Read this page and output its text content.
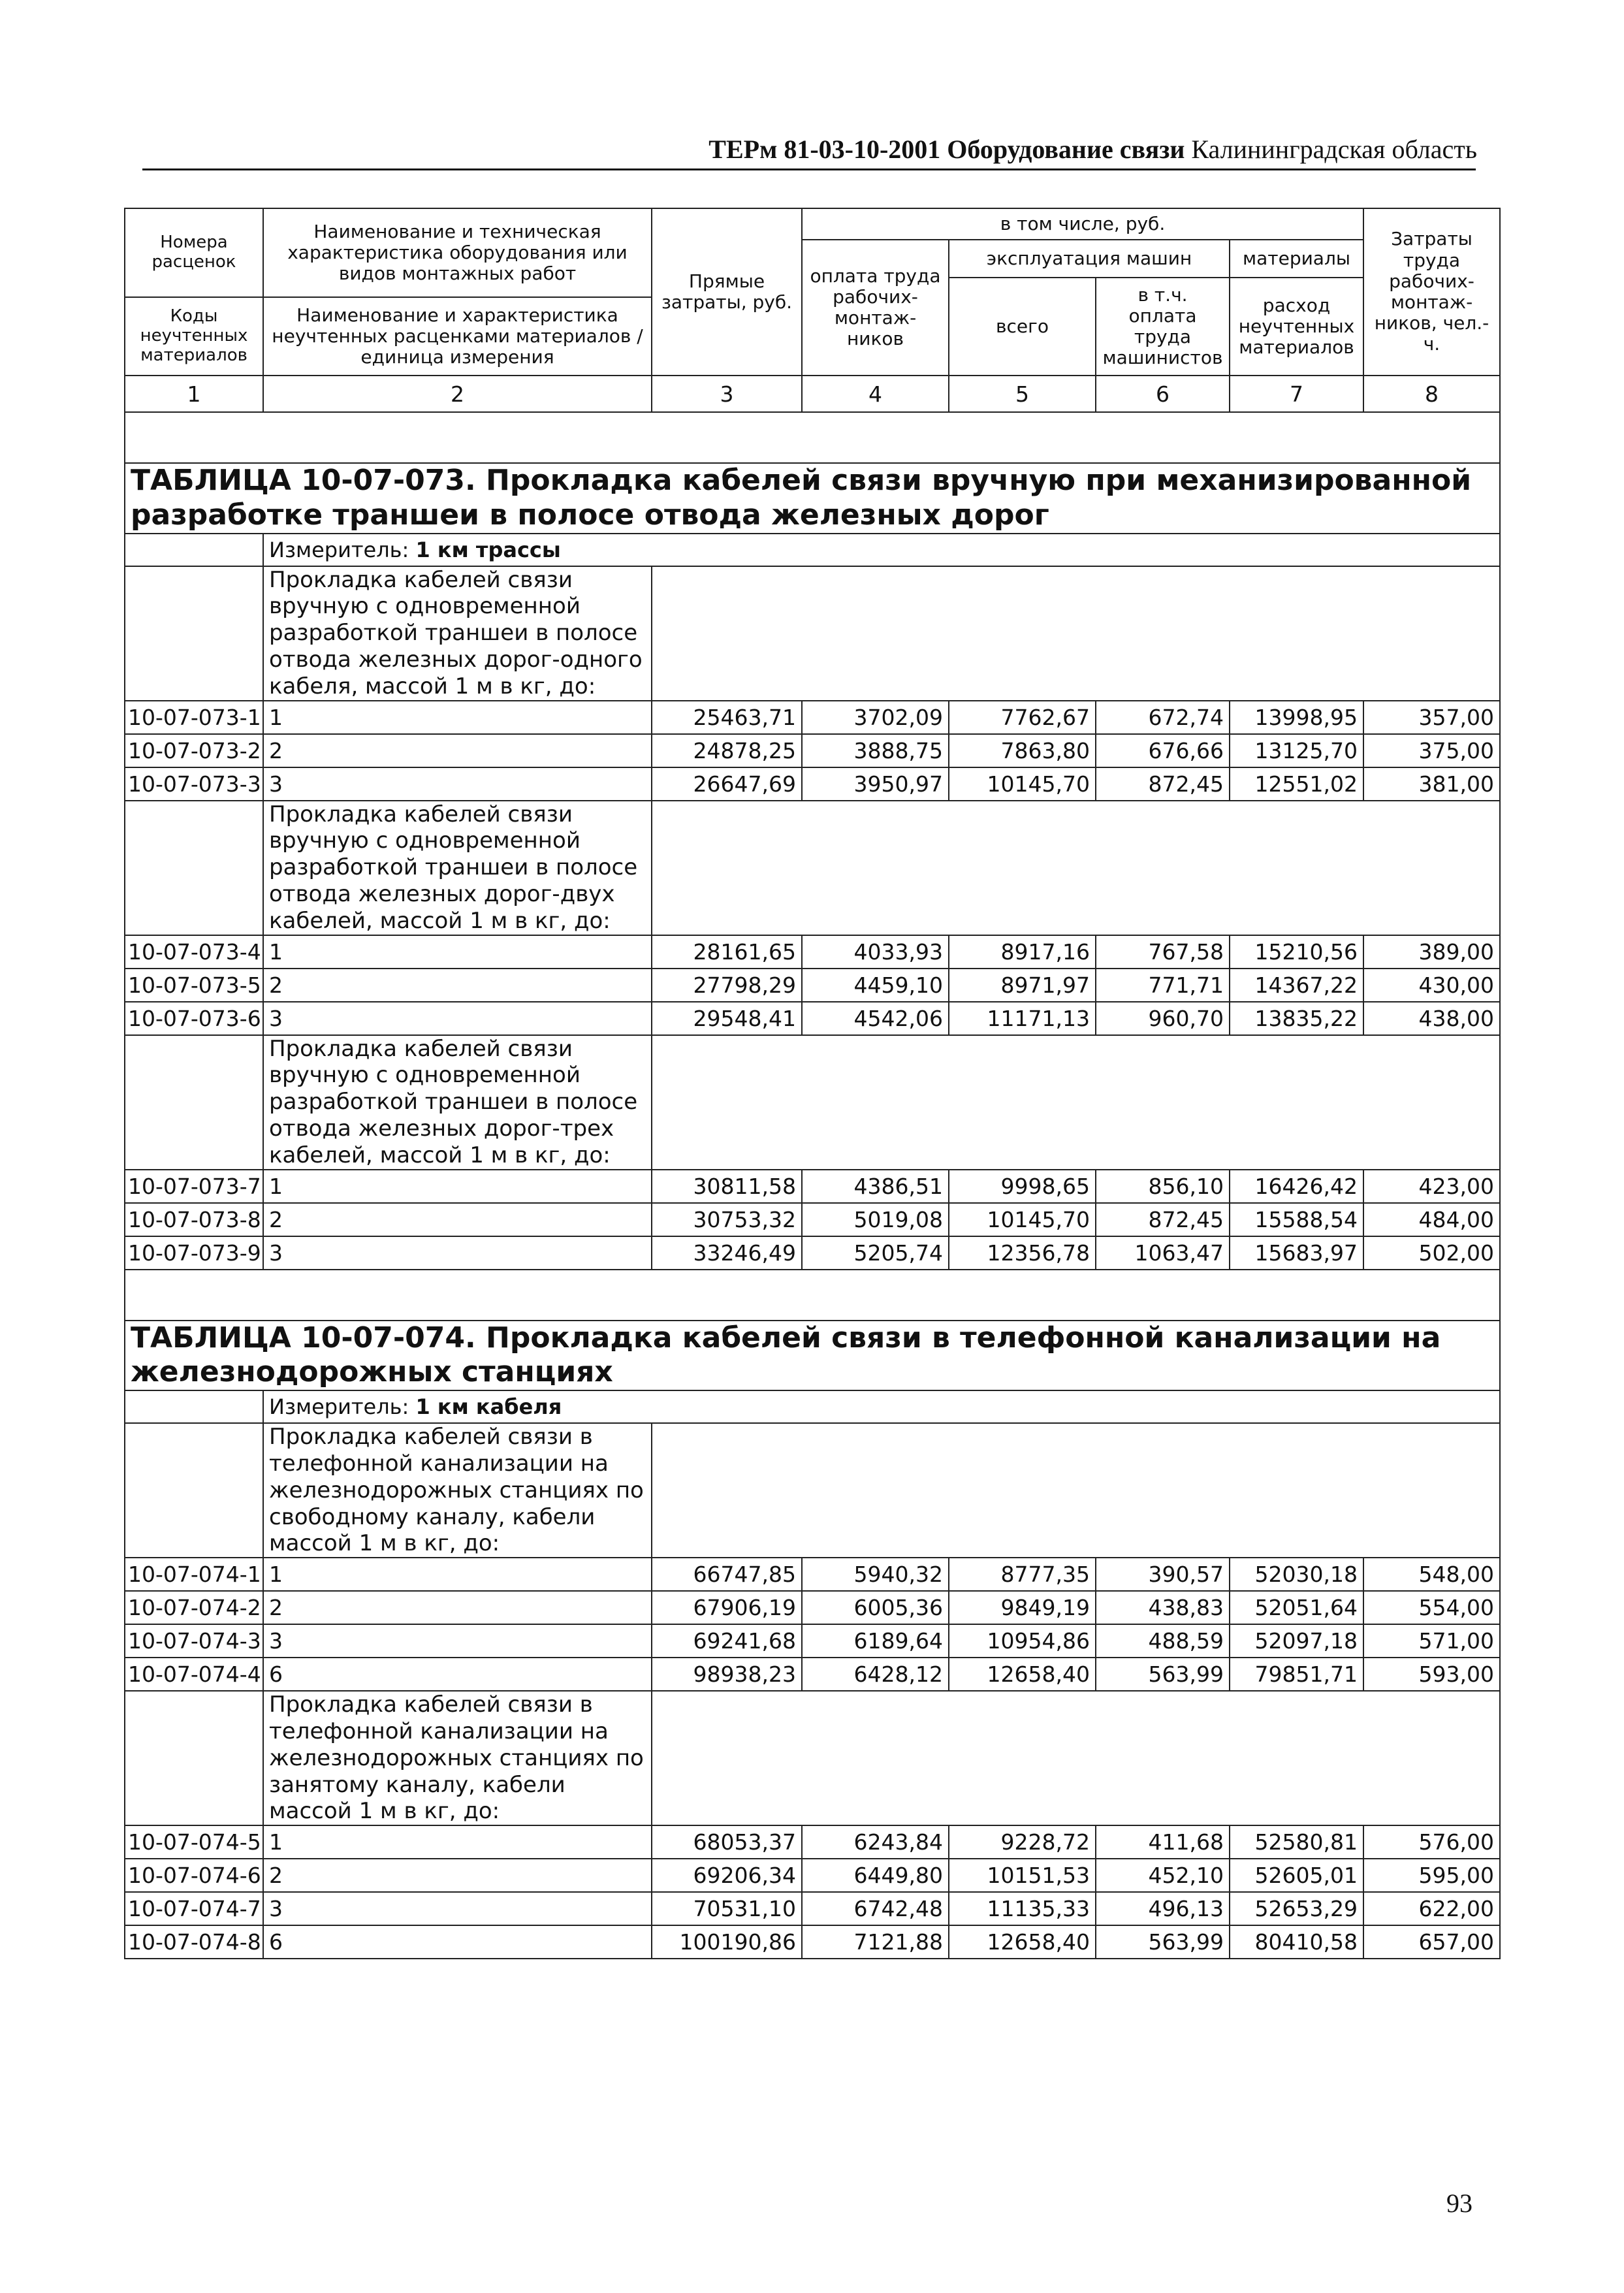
ТЕРм 81-03-10-2001 Оборудование связи Калининградская область
Номера расценок	Наименование и техническая характеристика оборудования или видов монтажных работ	Прямые затраты, руб.	в том числе, руб.				Затраты труда рабочих-монтаж-ников, чел.-ч.
			оплата труда рабочих-монтаж-ников	эксплуатация машин		материалы	
				всего	в т.ч. оплата труда машинистов	расход неучтенных материалов	
Коды неучтенных материалов	Наименование и характеристика неучтенных расценками материалов / единица измерения						

1	2	3	4	5	6	7	8

ТАБЛИЦА 10-07-073. Прокладка кабелей связи вручную при механизированной разработке траншеи в полосе отвода железных дорог							
	Измеритель: 1 км трассы						
	Прокладка кабелей связи вручную с одновременной разработкой траншеи в полосе отвода железных дорог-одного кабеля, массой 1 м в кг, до:						
10-07-073-1	1	25463,71	3702,09	7762,67	672,74	13998,95	357,00
10-07-073-2	2	24878,25	3888,75	7863,80	676,66	13125,70	375,00
10-07-073-3	3	26647,69	3950,97	10145,70	872,45	12551,02	381,00
	Прокладка кабелей связи вручную с одновременной разработкой траншеи в полосе отвода железных дорог-двух кабелей, массой 1 м в кг, до:						
10-07-073-4	1	28161,65	4033,93	8917,16	767,58	15210,56	389,00
10-07-073-5	2	27798,29	4459,10	8971,97	771,71	14367,22	430,00
10-07-073-6	3	29548,41	4542,06	11171,13	960,70	13835,22	438,00
	Прокладка кабелей связи вручную с одновременной разработкой траншеи в полосе отвода железных дорог-трех кабелей, массой 1 м в кг, до:						
10-07-073-7	1	30811,58	4386,51	9998,65	856,10	16426,42	423,00
10-07-073-8	2	30753,32	5019,08	10145,70	872,45	15588,54	484,00
10-07-073-9	3	33246,49	5205,74	12356,78	1063,47	15683,97	502,00

ТАБЛИЦА 10-07-074. Прокладка кабелей связи в телефонной канализации на железнодорожных станциях							
	Измеритель: 1 км кабеля						
	Прокладка кабелей связи в телефонной канализации на железнодорожных станциях по свободному каналу, кабели массой 1 м в кг, до:						
10-07-074-1	1	66747,85	5940,32	8777,35	390,57	52030,18	548,00
10-07-074-2	2	67906,19	6005,36	9849,19	438,83	52051,64	554,00
10-07-074-3	3	69241,68	6189,64	10954,86	488,59	52097,18	571,00
10-07-074-4	6	98938,23	6428,12	12658,40	563,99	79851,71	593,00
	Прокладка кабелей связи в телефонной канализации на железнодорожных станциях по занятому каналу, кабели массой 1 м в кг, до:						
10-07-074-5	1	68053,37	6243,84	9228,72	411,68	52580,81	576,00
10-07-074-6	2	69206,34	6449,80	10151,53	452,10	52605,01	595,00
10-07-074-7	3	70531,10	6742,48	11135,33	496,13	52653,29	622,00
10-07-074-8	6	100190,86	7121,88	12658,40	563,99	80410,58	657,00
93
